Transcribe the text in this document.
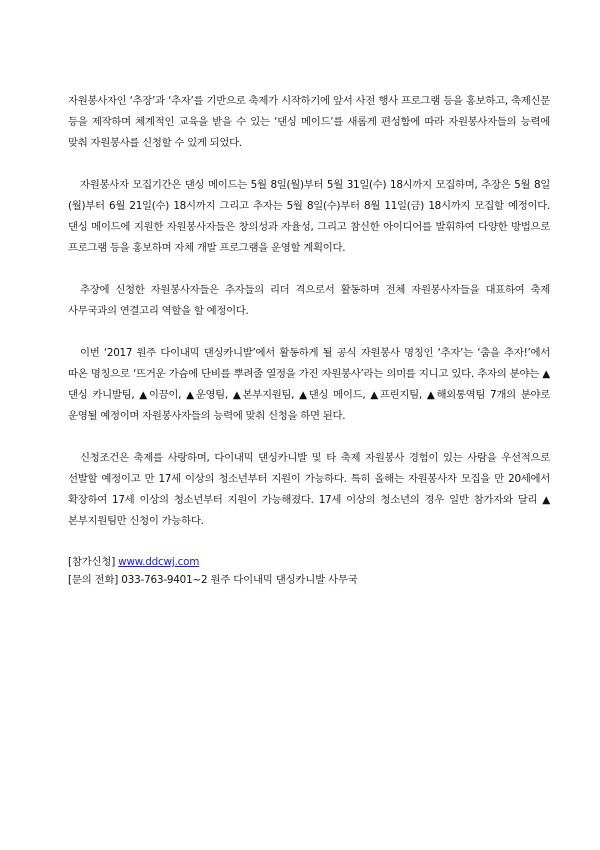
자원봉사자인 ‘추장’과 ‘추자’를 기반으로 축제가 시작하기에 앞서 사전 행사 프로그램 등을 홍보하고, 축제신문 등을 제작하며 체계적인 교육을 받을 수 있는 ‘댄싱 메이드’를 새롭게 편성함에 따라 자원봉사자들의 능력에 맞춰 자원봉사를 신청할 수 있게 되었다.

자원봉사자 모집기간은 댄싱 메이드는 5월 8일(월)부터 5월 31일(수) 18시까지 모집하며, 추장은 5월 8일(월)부터 6월 21일(수) 18시까지 그리고 추자는 5월 8일(수)부터 8월 11일(금) 18시까지 모집할 예정이다. 댄싱 메이드에 지원한 자원봉사자들은 창의성과 자율성, 그리고 참신한 아이디어를 발휘하여 다양한 방법으로 프로그램 등을 홍보하며 자체 개발 프로그램을 운영할 계획이다.

추장에 신청한 자원봉사자들은 추자들의 리더 격으로서 활동하며 전체 자원봉사자들을 대표하여 축제 사무국과의 연결고리 역할을 할 예정이다.

이번 ‘2017 원주 다이내믹 댄싱카니발’에서 활동하게 될 공식 자원봉사 명칭인 ‘추자’는 ‘춤을 추자!’에서 따온 명칭으로 ‘뜨거운 가슴에 단비를 뿌려줄 열정을 가진 자원봉사’라는 의미를 지니고 있다. 추자의 분야는 ▲댄싱 카니발팀, ▲이끔이, ▲운영팀, ▲본부지원팀, ▲댄싱 메이드, ▲프린지팀, ▲해외통역팀 7개의 분야로 운영될 예정이며 자원봉사자들의 능력에 맞춰 신청을 하면 된다.

신청조건은 축제를 사랑하며, 다이내믹 댄싱카니발 및 타 축제 자원봉사 경험이 있는 사람을 우선적으로 선발할 예정이고 만 17세 이상의 청소년부터 지원이 가능하다. 특히 올해는 자원봉사자 모집을 만 20세에서 확장하여 17세 이상의 청소년부터 지원이 가능해졌다. 17세 이상의 청소년의 경우 일반 참가자와 달리 ▲본부지원팀만 신청이 가능하다.

[참가신청] www.ddcwj.com

[문의 전화] 033-763-9401~2 원주 다이내믹 댄싱카니발 사무국
